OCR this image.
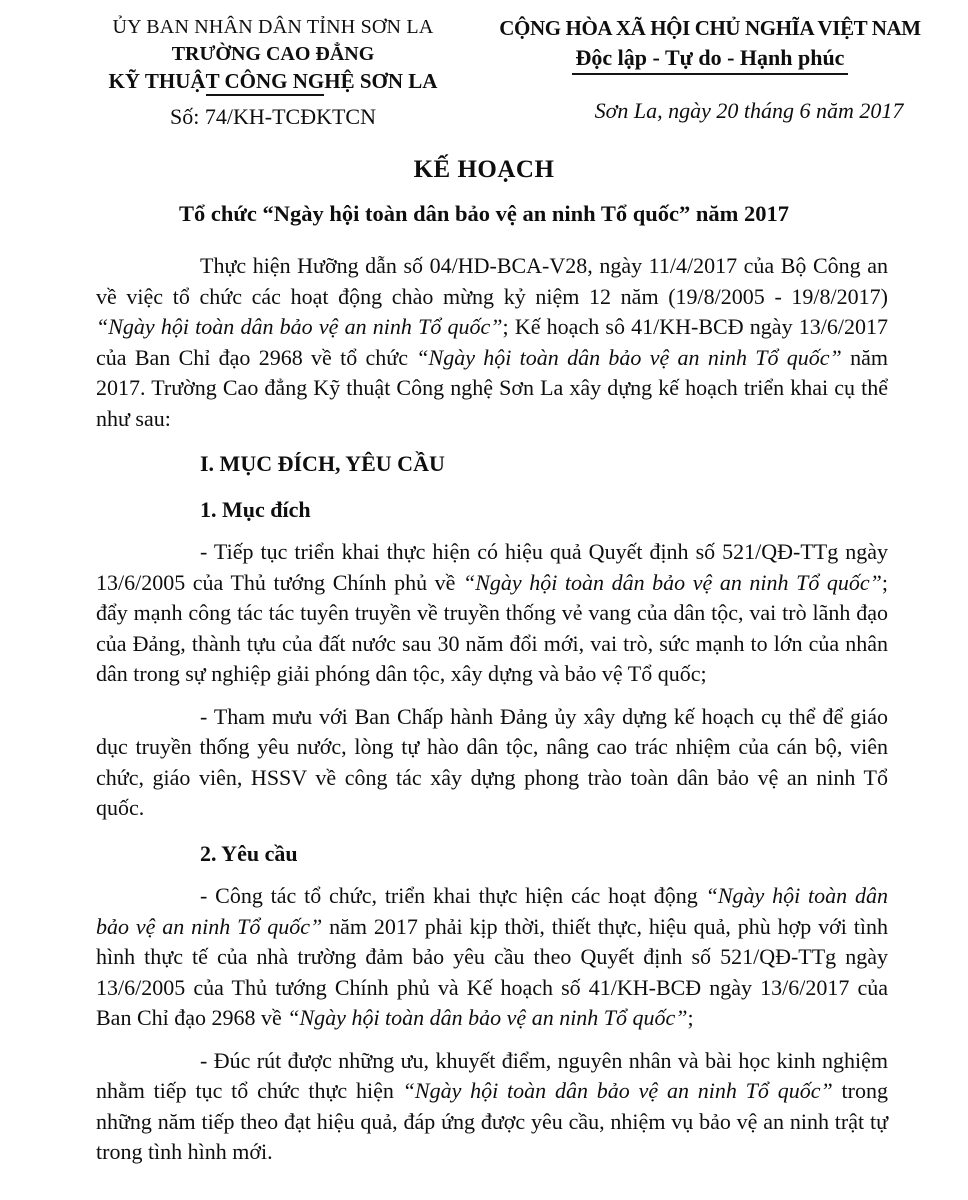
ỦY BAN NHÂN DÂN TỈNH SƠN LA
TRƯỜNG CAO ĐẲNG
KỸ THUẬT CÔNG NGHỆ SƠN LA
Số: 74/KH-TCĐKTCN
CỘNG HÒA XÃ HỘI CHỦ NGHĨA VIỆT NAM
Độc lập - Tự do - Hạnh phúc
Sơn La, ngày 20 tháng 6 năm 2017
KẾ HOẠCH
Tổ chức “Ngày hội toàn dân bảo vệ an ninh Tổ quốc” năm 2017

Thực hiện Hưỡng dẫn số 04/HD-BCA-V28, ngày 11/4/2017 của Bộ Công an về việc tổ chức các hoạt động chào mừng kỷ niệm 12 năm (19/8/2005 - 19/8/2017) “Ngày hội toàn dân bảo vệ an ninh Tổ quốc”; Kế hoạch sô 41/KH-BCĐ ngày 13/6/2017 của Ban Chỉ đạo 2968 về tổ chức “Ngày hội toàn dân bảo vệ an ninh Tổ quốc” năm 2017. Trường Cao đẳng Kỹ thuật Công nghệ Sơn La xây dựng kế hoạch triển khai cụ thể như sau:

I. MỤC ĐÍCH, YÊU CẦU

1. Mục đích

- Tiếp tục triển khai thực hiện có hiệu quả Quyết định số 521/QĐ-TTg ngày 13/6/2005 của Thủ tướng Chính phủ về “Ngày hội toàn dân bảo vệ an ninh Tổ quốc”; đẩy mạnh công tác tác tuyên truyền về truyền thống vẻ vang của dân tộc, vai trò lãnh đạo của Đảng, thành tựu của đất nước sau 30 năm đổi mới, vai trò, sức mạnh to lớn của nhân dân trong sự nghiệp giải phóng dân tộc, xây dựng và bảo vệ Tổ quốc;

- Tham mưu với Ban Chấp hành Đảng ủy xây dựng kế hoạch cụ thể để giáo dục truyền thống yêu nước, lòng tự hào dân tộc, nâng cao trác nhiệm của cán bộ, viên chức, giáo viên, HSSV về công tác xây dựng phong trào toàn dân bảo vệ an ninh Tổ quốc.

2. Yêu cầu

- Công tác tổ chức, triển khai thực hiện các hoạt động “Ngày hội toàn dân bảo vệ an ninh Tổ quốc” năm 2017 phải kịp thời, thiết thực, hiệu quả, phù hợp với tình hình thực tế của nhà trường đảm bảo yêu cầu theo Quyết định số 521/QĐ-TTg ngày 13/6/2005 của Thủ tướng Chính phủ và Kế hoạch số 41/KH-BCĐ ngày 13/6/2017 của Ban Chỉ đạo 2968 về “Ngày hội toàn dân bảo vệ an ninh Tổ quốc”;

- Đúc rút được những ưu, khuyết điểm, nguyên nhân và bài học kinh nghiệm nhằm tiếp tục tổ chức thực hiện “Ngày hội toàn dân bảo vệ an ninh Tổ quốc” trong những năm tiếp theo đạt hiệu quả, đáp ứng được yêu cầu, nhiệm vụ bảo vệ an ninh trật tự trong tình hình mới.
